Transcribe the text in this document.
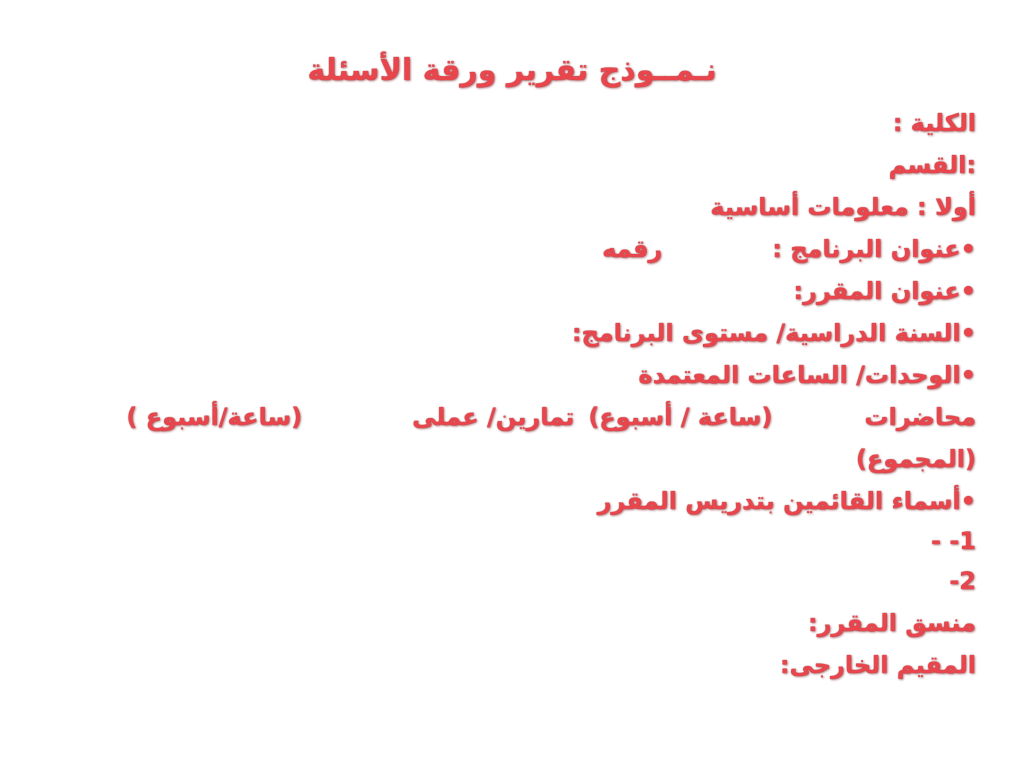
نـمــوذج تقرير ورقة الأسئلة
الكلية :
:القسم
أولا : معلومات أساسية
•عنوان البرنامج :
رقمه
•عنوان المقرر:
•السنة الدراسية/ مستوى البرنامج:
•الوحدات/ الساعات المعتمدة
محاضرات
(ساعة / أسبوع)
تمارين/ عملى
(ساعة/أسبوع )
(المجموع)
•أسماء القائمين بتدريس المقرر
1- -
2-
منسق المقرر:
المقيم الخارجى:
